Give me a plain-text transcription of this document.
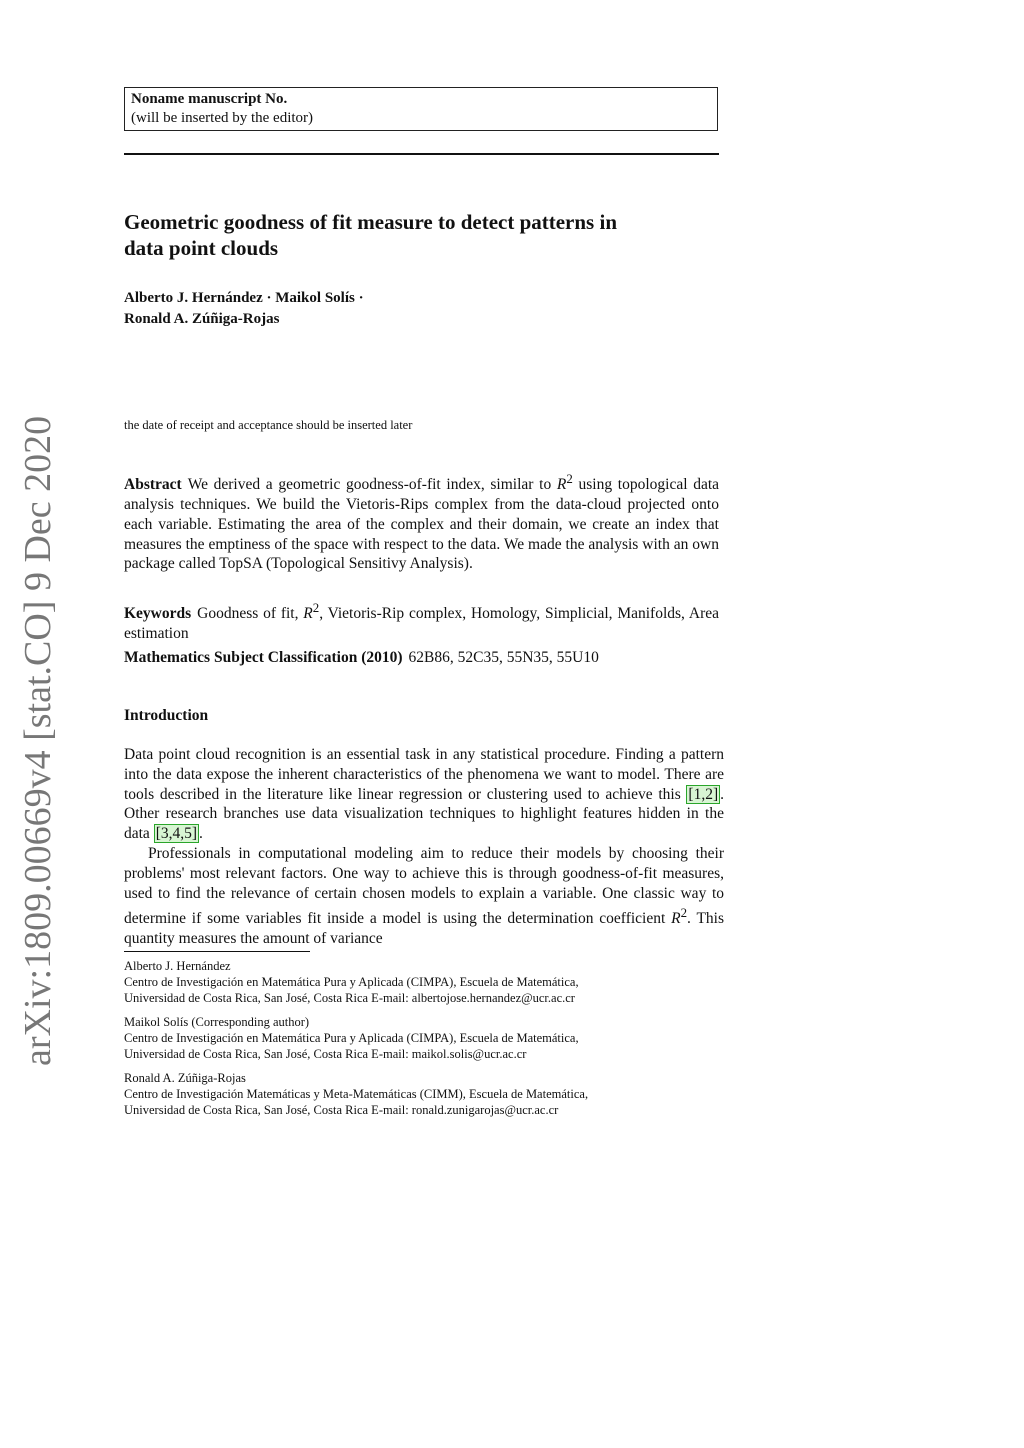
arXiv:1809.00669v4 [stat.CO] 9 Dec 2020
Noname manuscript No.
(will be inserted by the editor)
Geometric goodness of fit measure to detect patterns in
data point clouds
Alberto J. Hernández · Maikol Solís ·
Ronald A. Zúñiga-Rojas
the date of receipt and acceptance should be inserted later
Abstract We derived a geometric goodness-of-fit index, similar to $R^2$ using topological data analysis techniques. We build the Vietoris-Rips complex from the data-cloud projected onto each variable. Estimating the area of the complex and their domain, we create an index that measures the emptiness of the space with respect to the data. We made the analysis with an own package called TopSA (Topological Sensitivy Analysis).
Keywords Goodness of fit, $R^2$, Vietoris-Rip complex, Homology, Simplicial, Manifolds, Area estimation
Mathematics Subject Classification (2010) 62B86, 52C35, 55N35, 55U10
Introduction

Data point cloud recognition is an essential task in any statistical procedure. Finding a pattern into the data expose the inherent characteristics of the phenomena we want to model. There are tools described in the literature like linear regression or clustering used to achieve this [1,2] . Other research branches use data visualization techniques to highlight features hidden in the data [3,4,5] .

Professionals in computational modeling aim to reduce their models by choosing their problems' most relevant factors. One way to achieve this is through goodness-of-fit measures, used to find the relevance of certain chosen models to explain a variable. One classic way to determine if some variables fit inside a model is using the determination coefficient $R^2$. This quantity measures the amount of variance

Alberto J. Hernández
Centro de Investigación en Matemática Pura y Aplicada (CIMPA), Escuela de Matemática,
Universidad de Costa Rica, San José, Costa Rica E-mail: albertojose.hernandez@ucr.ac.cr
Maikol Solís (Corresponding author)
Centro de Investigación en Matemática Pura y Aplicada (CIMPA), Escuela de Matemática,
Universidad de Costa Rica, San José, Costa Rica E-mail: maikol.solis@ucr.ac.cr
Ronald A. Zúñiga-Rojas
Centro de Investigación Matemáticas y Meta-Matemáticas (CIMM), Escuela de Matemática,
Universidad de Costa Rica, San José, Costa Rica E-mail: ronald.zunigarojas@ucr.ac.cr
